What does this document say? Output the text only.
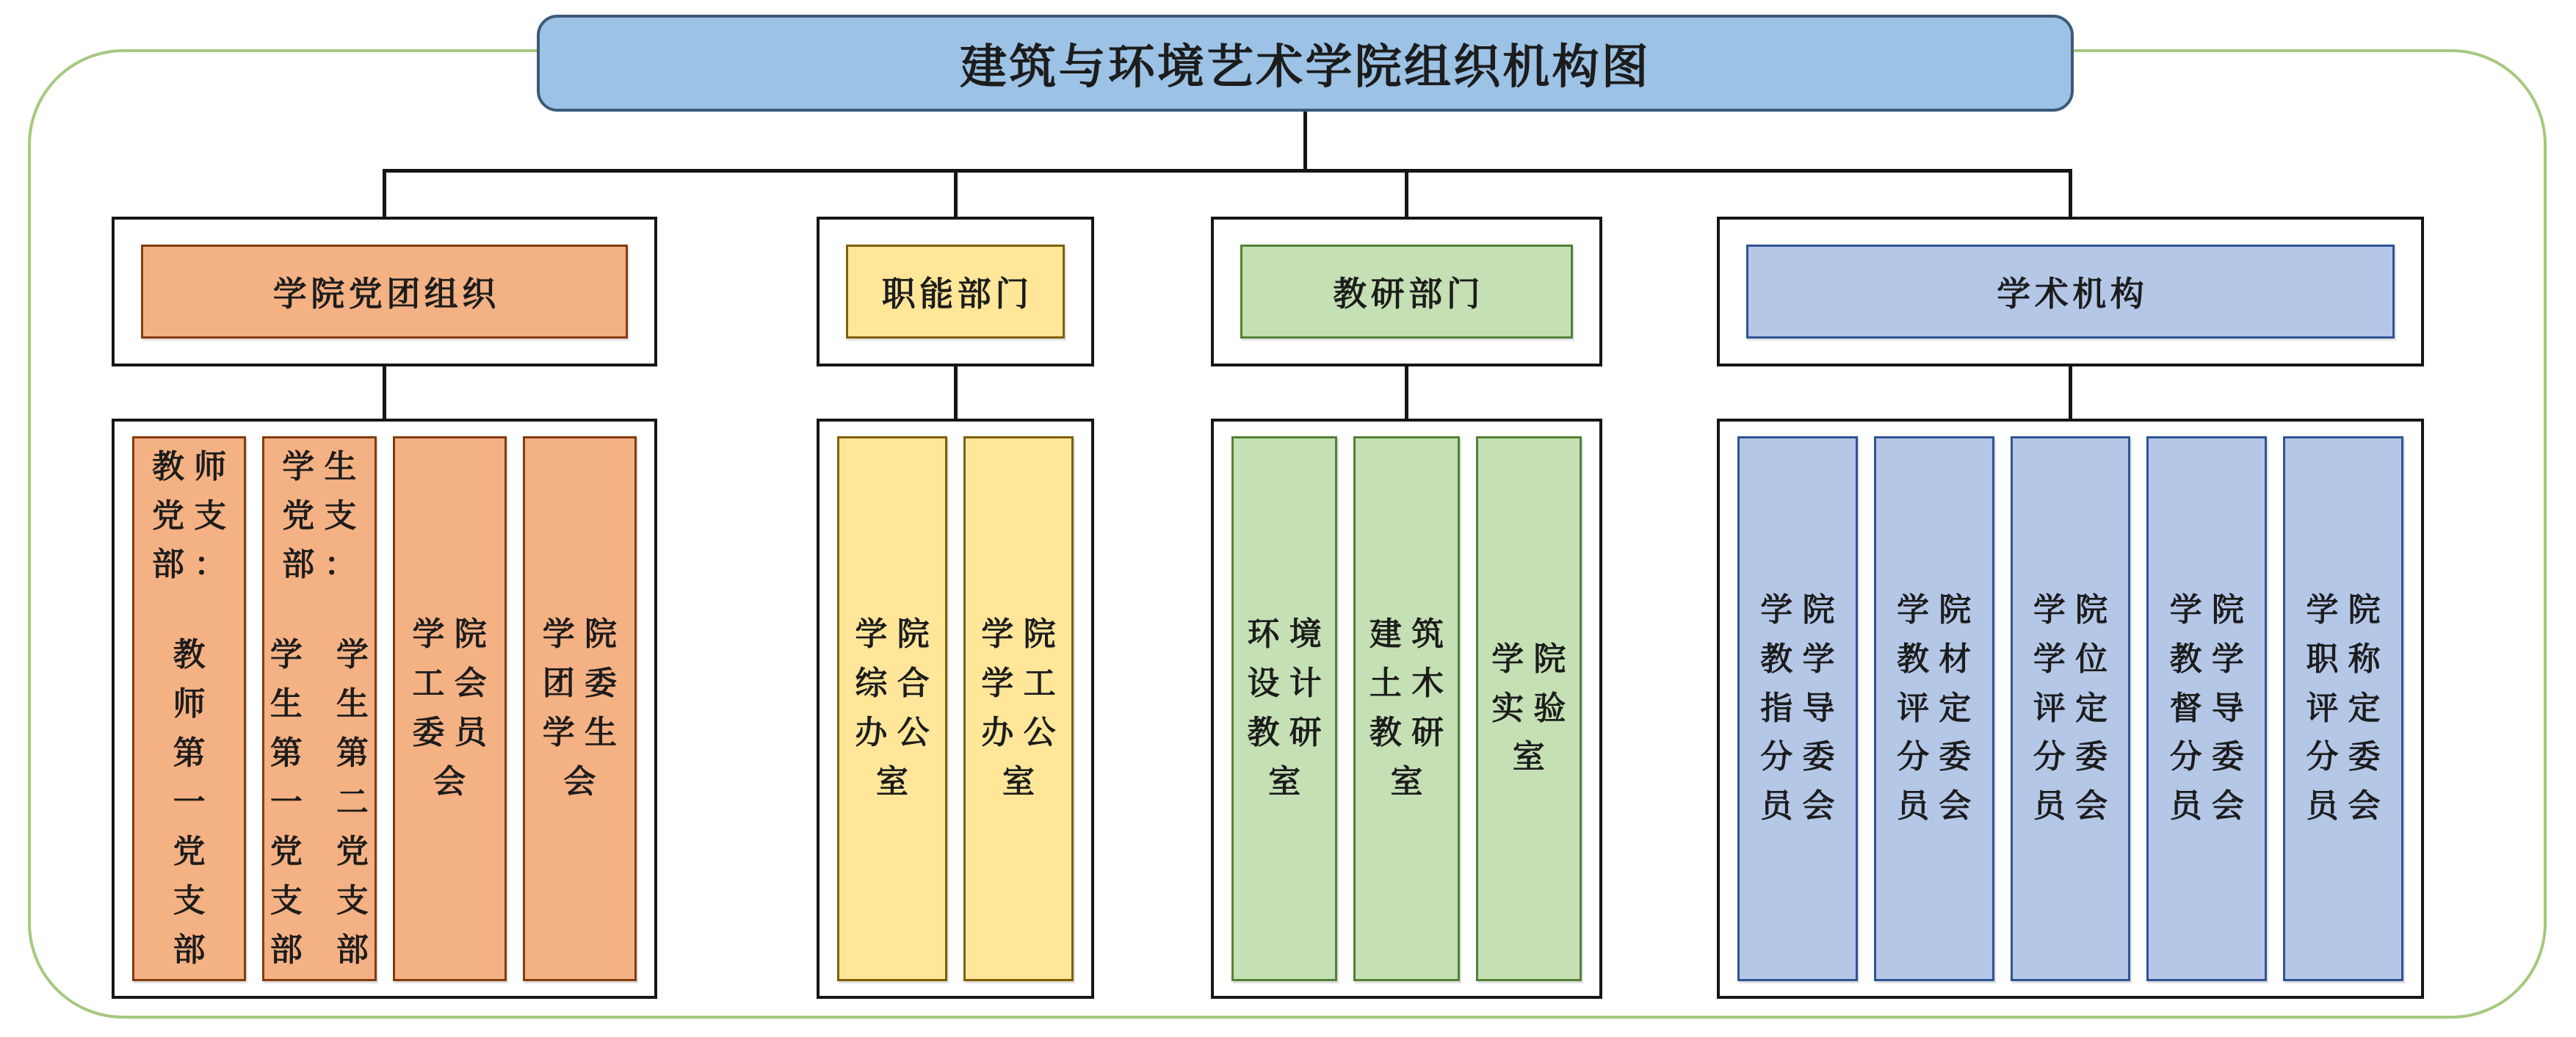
建筑与环境艺术学院组织机构图
学院党团组织
教师
党支
部：
教
师
第
一
党
支
部
学生
党支
部：
学
生
第
一
党
支
部
学
生
第
二
党
支
部
学院
工会
委员
会
学院
团委
学生
会
职能部门
学院
综合
办公
室
学院
学工
办公
室
教研部门
环境
设计
教研
室
建筑
土木
教研
室
学院
实验
室
学术机构
学院
教学
指导
分委
员会
学院
教材
评定
分委
员会
学院
学位
评定
分委
员会
学院
教学
督导
分委
员会
学院
职称
评定
分委
员会
